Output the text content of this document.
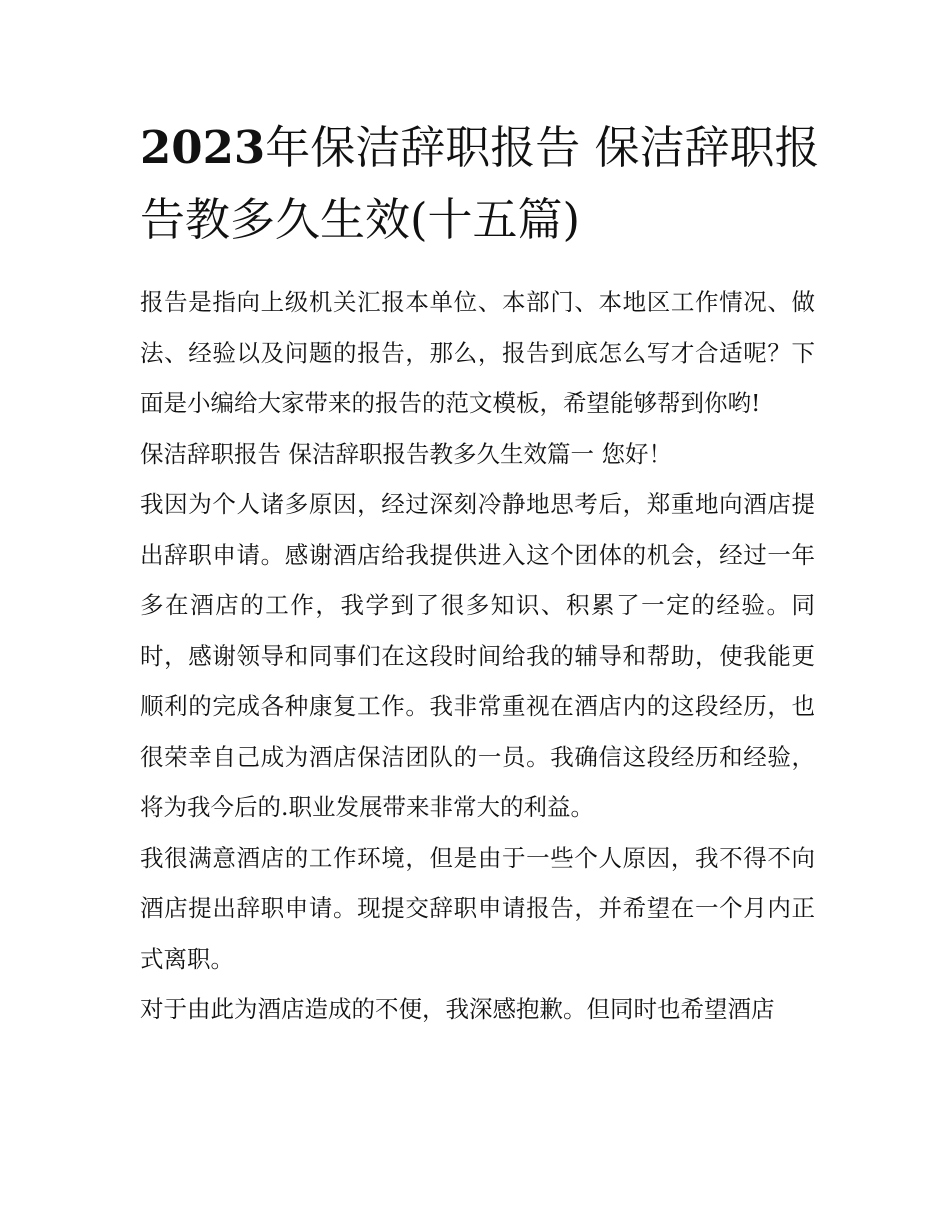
2023年保洁辞职报告 保洁辞职报告教多久生效(十五篇)

报告是指向上级机关汇报本单位、本部门、本地区工作情况、做法、经验以及问题的报告，那么，报告到底怎么写才合适呢？下面是小编给大家带来的报告的范文模板，希望能够帮到你哟!

保洁辞职报告 保洁辞职报告教多久生效篇一 您好！

我因为个人诸多原因，经过深刻冷静地思考后，郑重地向酒店提出辞职申请。感谢酒店给我提供进入这个团体的机会，经过一年多在酒店的工作，我学到了很多知识、积累了一定的经验。同时，感谢领导和同事们在这段时间给我的辅导和帮助，使我能更顺利的完成各种康复工作。我非常重视在酒店内的这段经历，也很荣幸自己成为酒店保洁团队的一员。我确信这段经历和经验，将为我今后的.职业发展带来非常大的利益。

我很满意酒店的工作环境，但是由于一些个人原因，我不得不向酒店提出辞职申请。现提交辞职申请报告，并希望在一个月内正式离职。

对于由此为酒店造成的不便，我深感抱歉。但同时也希望酒店
